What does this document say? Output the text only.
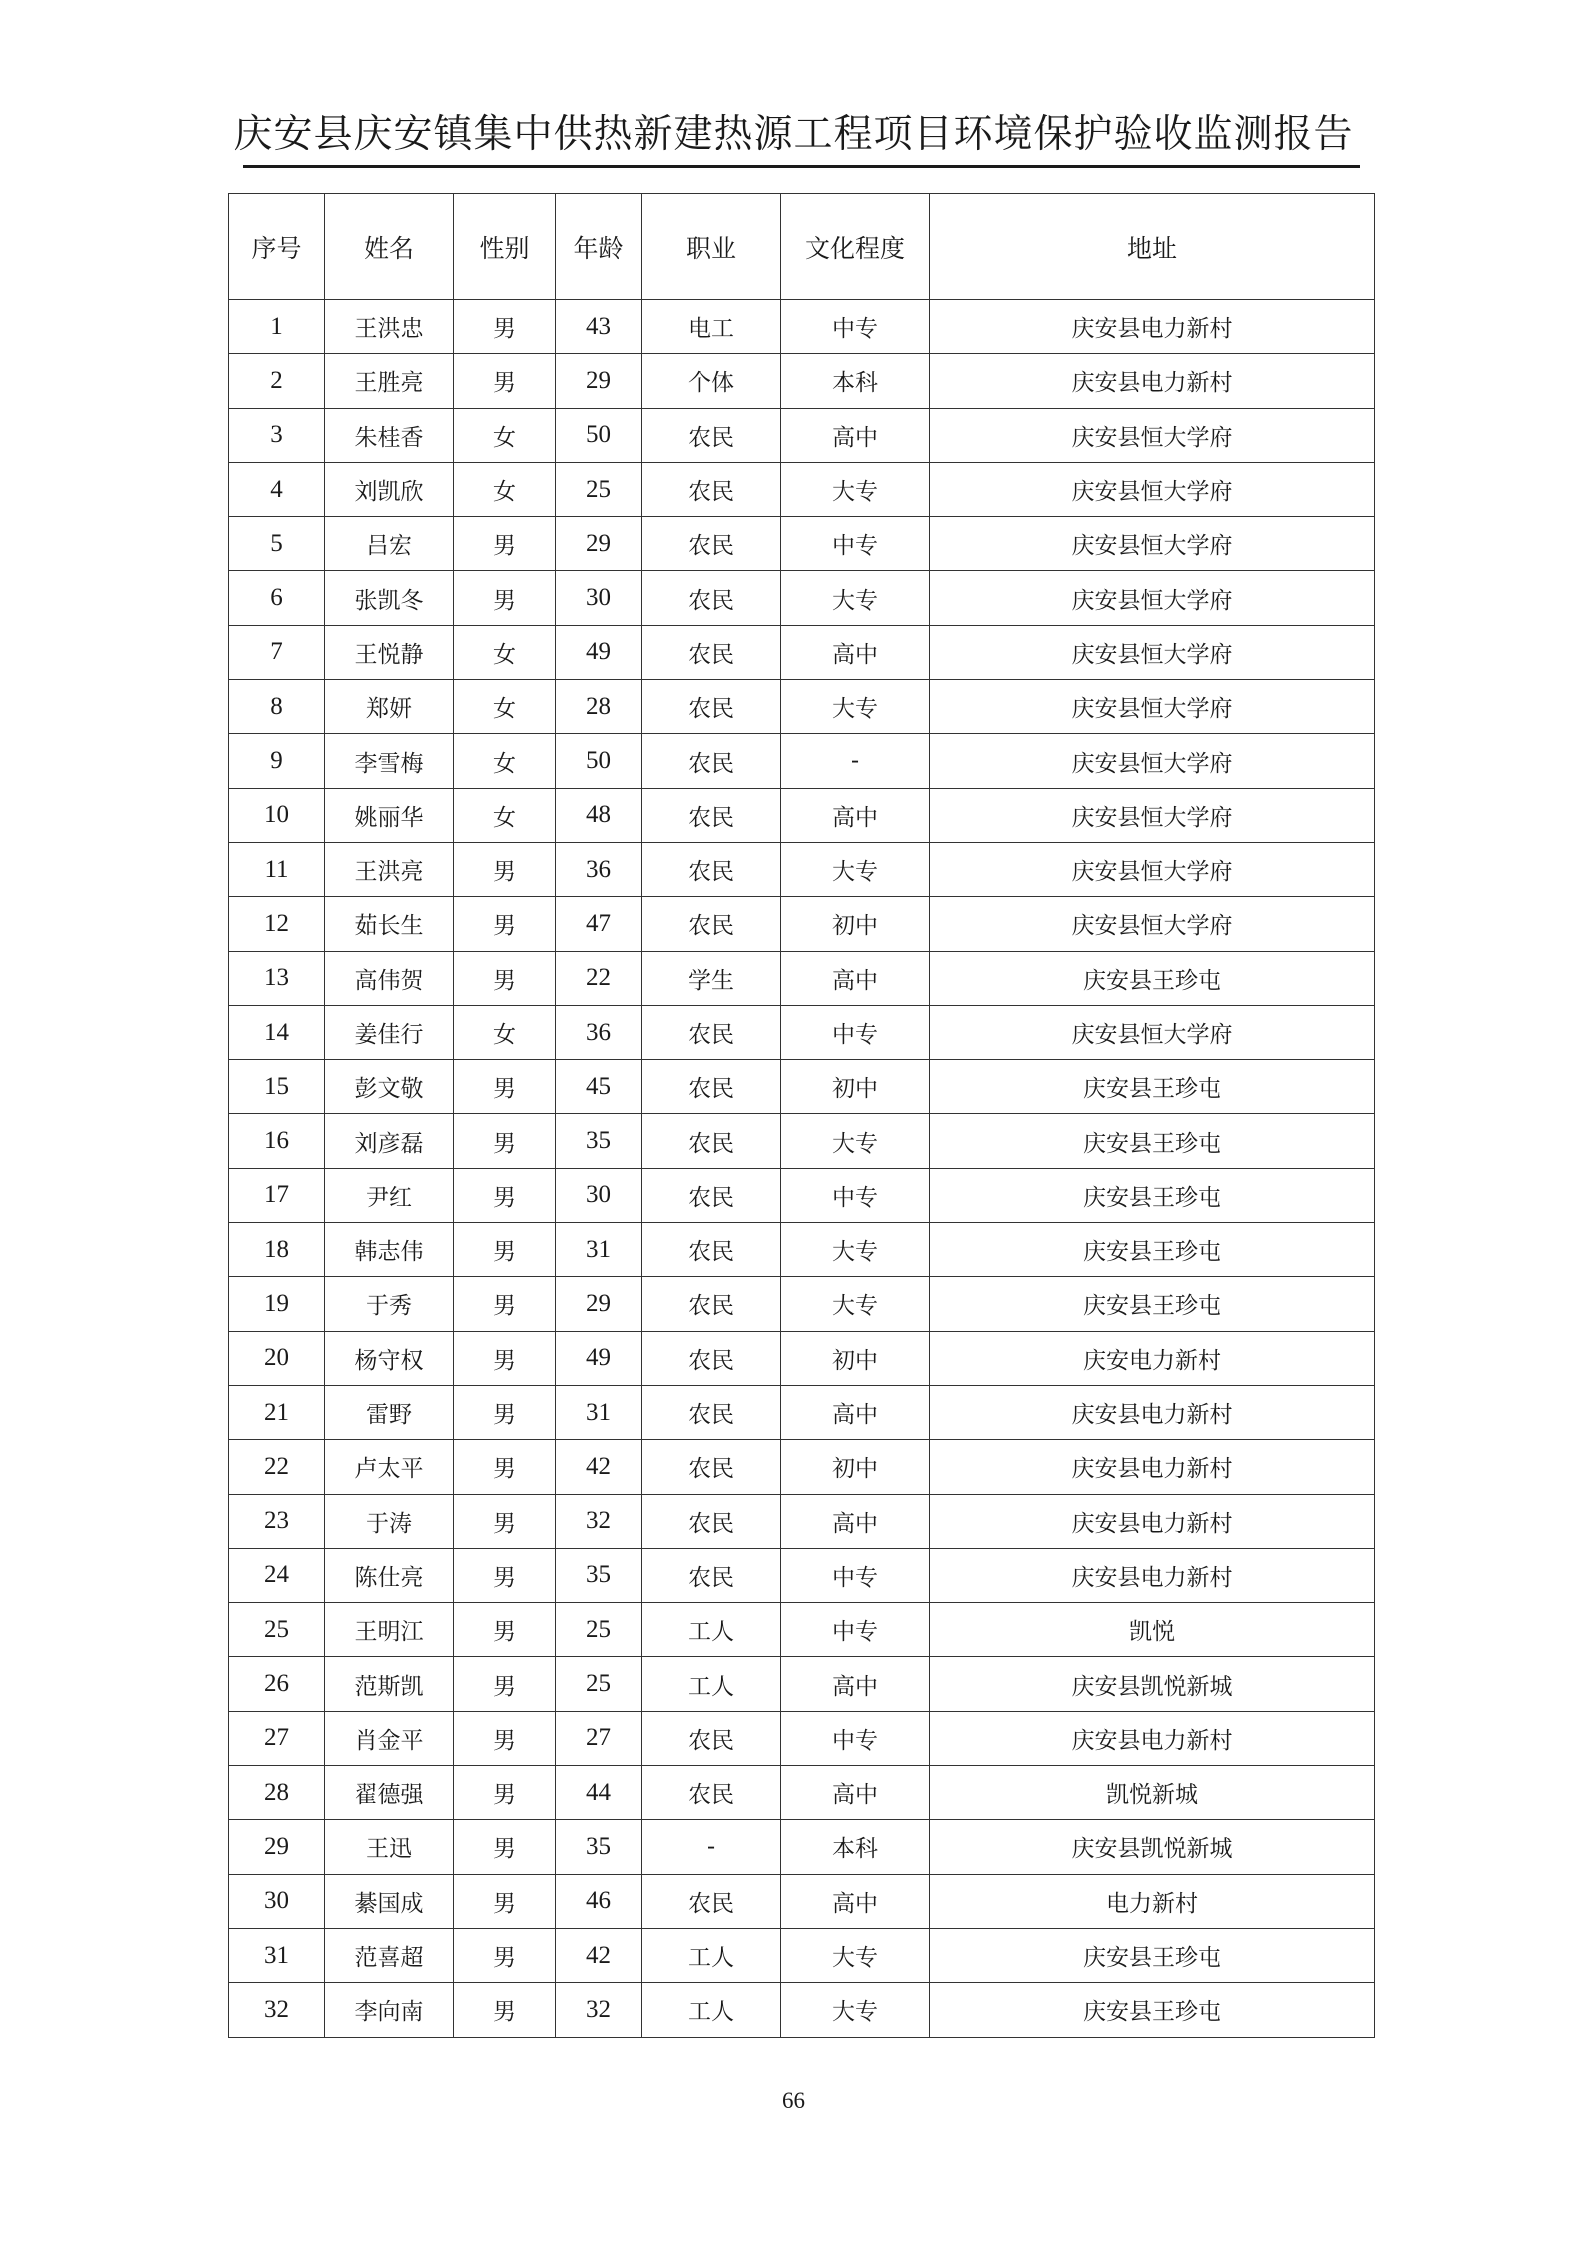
庆安县庆安镇集中供热新建热源工程项目环境保护验收监测报告
序号	姓名	性别	年龄	职业	文化程度	地址
1	王洪忠	男	43	电工	中专	庆安县电力新村
2	王胜亮	男	29	个体	本科	庆安县电力新村
3	朱桂香	女	50	农民	高中	庆安县恒大学府
4	刘凯欣	女	25	农民	大专	庆安县恒大学府
5	吕宏	男	29	农民	中专	庆安县恒大学府
6	张凯冬	男	30	农民	大专	庆安县恒大学府
7	王悦静	女	49	农民	高中	庆安县恒大学府
8	郑妍	女	28	农民	大专	庆安县恒大学府
9	李雪梅	女	50	农民	-	庆安县恒大学府
10	姚丽华	女	48	农民	高中	庆安县恒大学府
11	王洪亮	男	36	农民	大专	庆安县恒大学府
12	茹长生	男	47	农民	初中	庆安县恒大学府
13	高伟贺	男	22	学生	高中	庆安县王珍屯
14	姜佳行	女	36	农民	中专	庆安县恒大学府
15	彭文敬	男	45	农民	初中	庆安县王珍屯
16	刘彦磊	男	35	农民	大专	庆安县王珍屯
17	尹红	男	30	农民	中专	庆安县王珍屯
18	韩志伟	男	31	农民	大专	庆安县王珍屯
19	于秀	男	29	农民	大专	庆安县王珍屯
20	杨守权	男	49	农民	初中	庆安电力新村
21	雷野	男	31	农民	高中	庆安县电力新村
22	卢太平	男	42	农民	初中	庆安县电力新村
23	于涛	男	32	农民	高中	庆安县电力新村
24	陈仕亮	男	35	农民	中专	庆安县电力新村
25	王明江	男	25	工人	中专	凯悦
26	范斯凯	男	25	工人	高中	庆安县凯悦新城
27	肖金平	男	27	农民	中专	庆安县电力新村
28	翟德强	男	44	农民	高中	凯悦新城
29	王迅	男	35	-	本科	庆安县凯悦新城
30	綦国成	男	46	农民	高中	电力新村
31	范喜超	男	42	工人	大专	庆安县王珍屯
32	李向南	男	32	工人	大专	庆安县王珍屯
66
